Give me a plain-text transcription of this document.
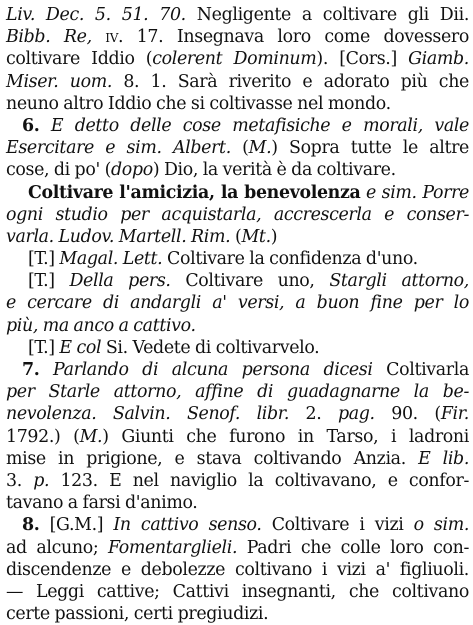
Liv. Dec. 5. 51. 70. Negligente a coltivare gli Dii.
Bibb. Re, iv. 17. Insegnava loro come dovessero
coltivare Iddio (colerent Dominum). [Cors.] Giamb.
Miser. uom. 8. 1. Sarà riverito e adorato più che
neuno altro Iddio che si coltivasse nel mondo.
6. E detto delle cose metafisiche e morali, vale
Esercitare e sim. Albert. (M.) Sopra tutte le altre
cose, di po' (dopo) Dio, la verità è da coltivare.
Coltivare l'amicizia, la benevolenza e sim. Porre
ogni studio per acquistarla, accrescerla e conser-
varla. Ludov. Martell. Rim. (Mt.)
[T.] Magal. Lett. Coltivare la confidenza d'uno.
[T.] Della pers. Coltivare uno, Stargli attorno,
e cercare di andargli a' versi, a buon fine per lo
più, ma anco a cattivo.
[T.] E col Si. Vedete di coltivarvelo.
7. Parlando di alcuna persona dicesi Coltivarla
per Starle attorno, affine di guadagnarne la be-
nevolenza. Salvin. Senof. libr. 2. pag. 90. (Fir.
1792.) (M.) Giunti che furono in Tarso, i ladroni
mise in prigione, e stava coltivando Anzia. E lib.
3. p. 123. E nel naviglio la coltivavano, e confor-
tavano a farsi d'animo.
8. [G.M.] In cattivo senso. Coltivare i vizi o sim.
ad alcuno; Fomentarglieli. Padri che colle loro con-
discendenze e debolezze coltivano i vizi a' figliuoli.
— Leggi cattive; Cattivi insegnanti, che coltivano
certe passioni, certi pregiudizi.
